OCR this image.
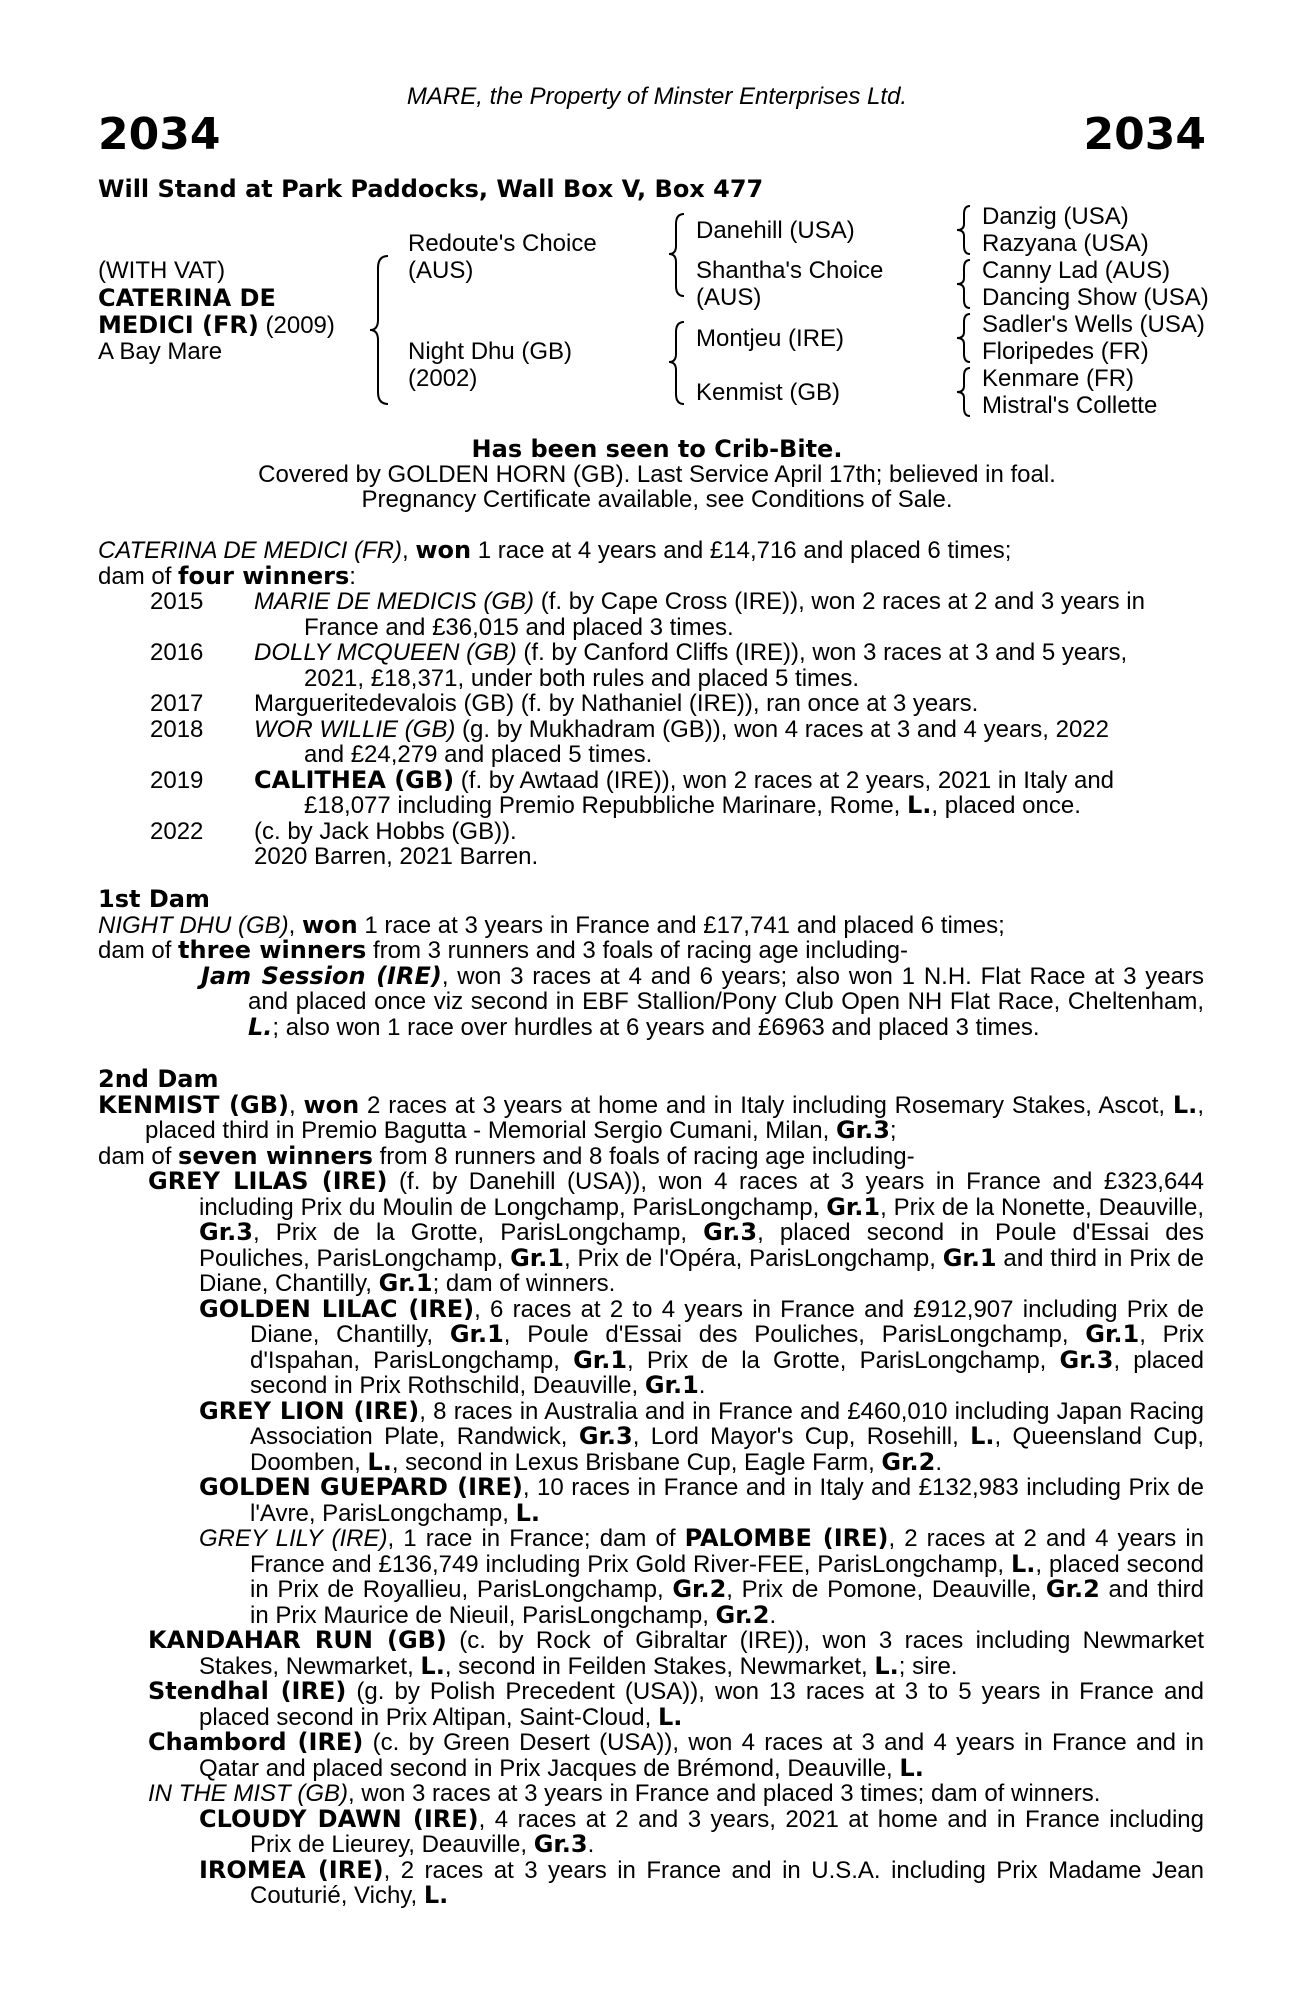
MARE, the Property of Minster Enterprises Ltd.
2034	2034
Will Stand at Park Paddocks, Wall Box V, Box 477
(WITH VAT)
CATERINA DE
MEDICI (FR) (2009)
A Bay Mare
Redoute's Choice
(AUS)
Night Dhu (GB)
(2002)
Danehill (USA)
Shantha's Choice
(AUS)
Montjeu (IRE)
Kenmist (GB)
Danzig (USA)
Razyana (USA)
Canny Lad (AUS)
Dancing Show (USA)
Sadler's Wells (USA)
Floripedes (FR)
Kenmare (FR)
Mistral's Collette
Has been seen to Crib-Bite.
Covered by GOLDEN HORN (GB). Last Service April 17th; believed in foal.
Pregnancy Certificate available, see Conditions of Sale.

CATERINA DE MEDICI (FR), won 1 race at 4 years and £14,716 and placed 6 times;

dam of four winners:

2015	MARIE DE MEDICIS (GB) (f. by Cape Cross (IRE)), won 2 races at 2 and 3 years in
France and £36,015 and placed 3 times.
2016	DOLLY MCQUEEN (GB) (f. by Canford Cliffs (IRE)), won 3 races at 3 and 5 years,
2021, £18,371, under both rules and placed 5 times.
2017	Margueritedevalois (GB) (f. by Nathaniel (IRE)), ran once at 3 years.
2018	WOR WILLIE (GB) (g. by Mukhadram (GB)), won 4 races at 3 and 4 years, 2022
and £24,279 and placed 5 times.
2019	CALITHEA (GB) (f. by Awtaad (IRE)), won 2 races at 2 years, 2021 in Italy and
£18,077 including Premio Repubbliche Marinare, Rome, L., placed once.
2022	(c. by Jack Hobbs (GB)).
2020 Barren, 2021 Barren.

1st Dam

NIGHT DHU (GB), won 1 race at 3 years in France and £17,741 and placed 6 times;

dam of three winners from 3 runners and 3 foals of racing age including-

Jam Session (IRE), won 3 races at 4 and 6 years; also won 1 N.H. Flat Race at 3 years and placed once viz second in EBF Stallion/Pony Club Open NH Flat Race, Cheltenham, L.; also won 1 race over hurdles at 6 years and £6963 and placed 3 times.

2nd Dam

KENMIST (GB), won 2 races at 3 years at home and in Italy including Rosemary Stakes, Ascot, L., placed third in Premio Bagutta - Memorial Sergio Cumani, Milan, Gr.3;

dam of seven winners from 8 runners and 8 foals of racing age including-

GREY LILAS (IRE) (f. by Danehill (USA)), won 4 races at 3 years in France and £323,644 including Prix du Moulin de Longchamp, ParisLongchamp, Gr.1, Prix de la Nonette, Deauville, Gr.3, Prix de la Grotte, ParisLongchamp, Gr.3, placed second in Poule d'Essai des Pouliches, ParisLongchamp, Gr.1, Prix de l'Opéra, ParisLongchamp, Gr.1 and third in Prix de Diane, Chantilly, Gr.1; dam of winners.

GOLDEN LILAC (IRE), 6 races at 2 to 4 years in France and £912,907 including Prix de Diane, Chantilly, Gr.1, Poule d'Essai des Pouliches, ParisLongchamp, Gr.1, Prix d'Ispahan, ParisLongchamp, Gr.1, Prix de la Grotte, ParisLongchamp, Gr.3, placed second in Prix Rothschild, Deauville, Gr.1.

GREY LION (IRE), 8 races in Australia and in France and £460,010 including Japan Racing Association Plate, Randwick, Gr.3, Lord Mayor's Cup, Rosehill, L., Queensland Cup, Doomben, L., second in Lexus Brisbane Cup, Eagle Farm, Gr.2.

GOLDEN GUEPARD (IRE), 10 races in France and in Italy and £132,983 including Prix de l'Avre, ParisLongchamp, L.

GREY LILY (IRE), 1 race in France; dam of PALOMBE (IRE), 2 races at 2 and 4 years in France and £136,749 including Prix Gold River-FEE, ParisLongchamp, L., placed second in Prix de Royallieu, ParisLongchamp, Gr.2, Prix de Pomone, Deauville, Gr.2 and third in Prix Maurice de Nieuil, ParisLongchamp, Gr.2.

KANDAHAR RUN (GB) (c. by Rock of Gibraltar (IRE)), won 3 races including Newmarket Stakes, Newmarket, L., second in Feilden Stakes, Newmarket, L.; sire.

Stendhal (IRE) (g. by Polish Precedent (USA)), won 13 races at 3 to 5 years in France and placed second in Prix Altipan, Saint-Cloud, L.

Chambord (IRE) (c. by Green Desert (USA)), won 4 races at 3 and 4 years in France and in Qatar and placed second in Prix Jacques de Brémond, Deauville, L.

IN THE MIST (GB), won 3 races at 3 years in France and placed 3 times; dam of winners.

CLOUDY DAWN (IRE), 4 races at 2 and 3 years, 2021 at home and in France including Prix de Lieurey, Deauville, Gr.3.

IROMEA (IRE), 2 races at 3 years in France and in U.S.A. including Prix Madame Jean Couturié, Vichy, L.
